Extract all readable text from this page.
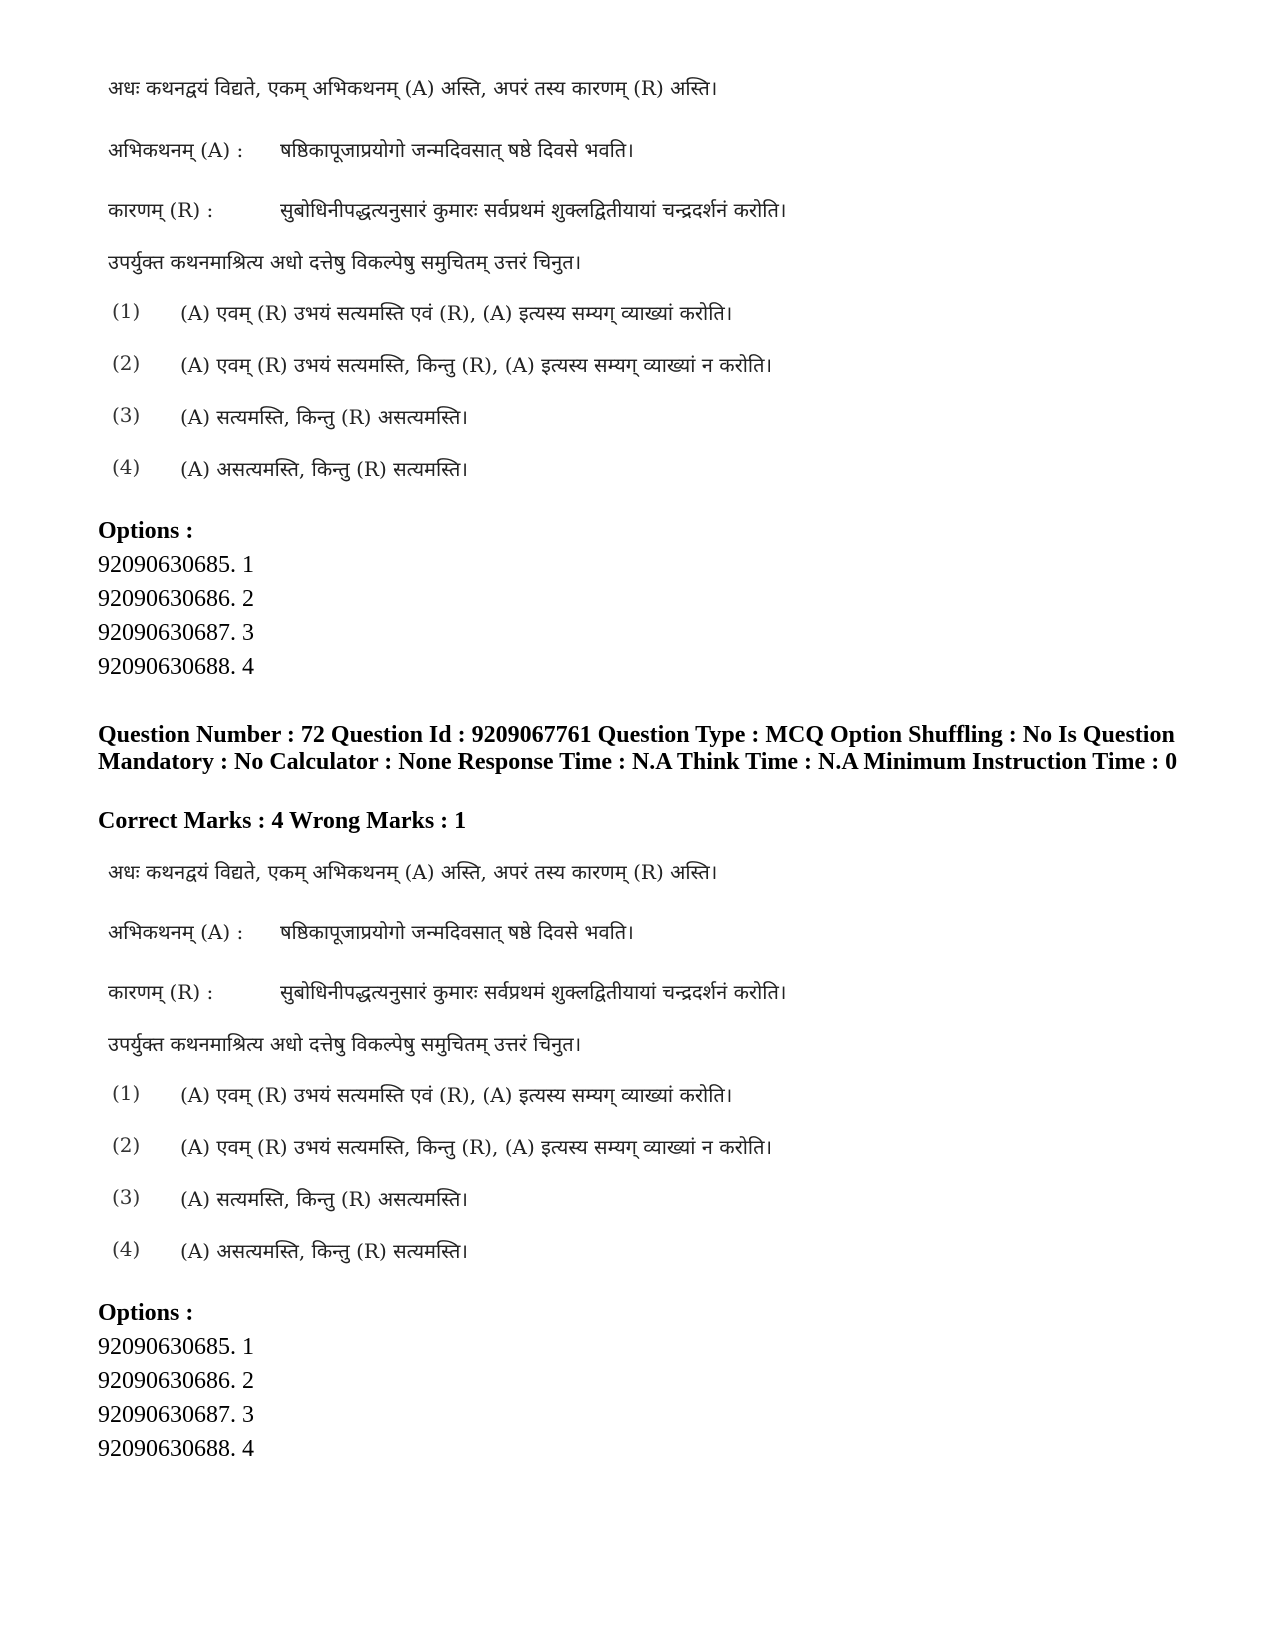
अधः कथनद्वयं विद्यते, एकम् अभिकथनम् (A) अस्ति, अपरं तस्य कारणम् (R) अस्ति।
अभिकथनम् (A) : षष्ठिकापूजाप्रयोगो जन्मदिवसात् षष्ठे दिवसे भवति।
कारणम् (R) :	सुबोधिनीपद्धत्यनुसारं कुमारः सर्वप्रथमं शुक्लद्वितीयायां चन्द्रदर्शनं करोति।
उपर्युक्त कथनमाश्रित्य अधो दत्तेषु विकल्पेषु समुचितम् उत्तरं चिनुत।
(1) (A) एवम् (R) उभयं सत्यमस्ति एवं (R), (A) इत्यस्य सम्यग् व्याख्यां करोति।
(2) (A) एवम् (R) उभयं सत्यमस्ति, किन्तु (R), (A) इत्यस्य सम्यग् व्याख्यां न करोति।
(3) (A) सत्यमस्ति, किन्तु (R) असत्यमस्ति।
(4) (A) असत्यमस्ति, किन्तु (R) सत्यमस्ति।
Options :
92090630685. 1
92090630686. 2
92090630687. 3
92090630688. 4
Question Number : 72 Question Id : 9209067761 Question Type : MCQ Option Shuffling : No Is Question Mandatory : No Calculator : None Response Time : N.A Think Time : N.A Minimum Instruction Time : 0
Correct Marks : 4 Wrong Marks : 1
अधः कथनद्वयं विद्यते, एकम् अभिकथनम् (A) अस्ति, अपरं तस्य कारणम् (R) अस्ति।
अभिकथनम् (A) : षष्ठिकापूजाप्रयोगो जन्मदिवसात् षष्ठे दिवसे भवति।
कारणम् (R) :	सुबोधिनीपद्धत्यनुसारं कुमारः सर्वप्रथमं शुक्लद्वितीयायां चन्द्रदर्शनं करोति।
उपर्युक्त कथनमाश्रित्य अधो दत्तेषु विकल्पेषु समुचितम् उत्तरं चिनुत।
(1) (A) एवम् (R) उभयं सत्यमस्ति एवं (R), (A) इत्यस्य सम्यग् व्याख्यां करोति।
(2) (A) एवम् (R) उभयं सत्यमस्ति, किन्तु (R), (A) इत्यस्य सम्यग् व्याख्यां न करोति।
(3) (A) सत्यमस्ति, किन्तु (R) असत्यमस्ति।
(4) (A) असत्यमस्ति, किन्तु (R) सत्यमस्ति।
Options :
92090630685. 1
92090630686. 2
92090630687. 3
92090630688. 4
